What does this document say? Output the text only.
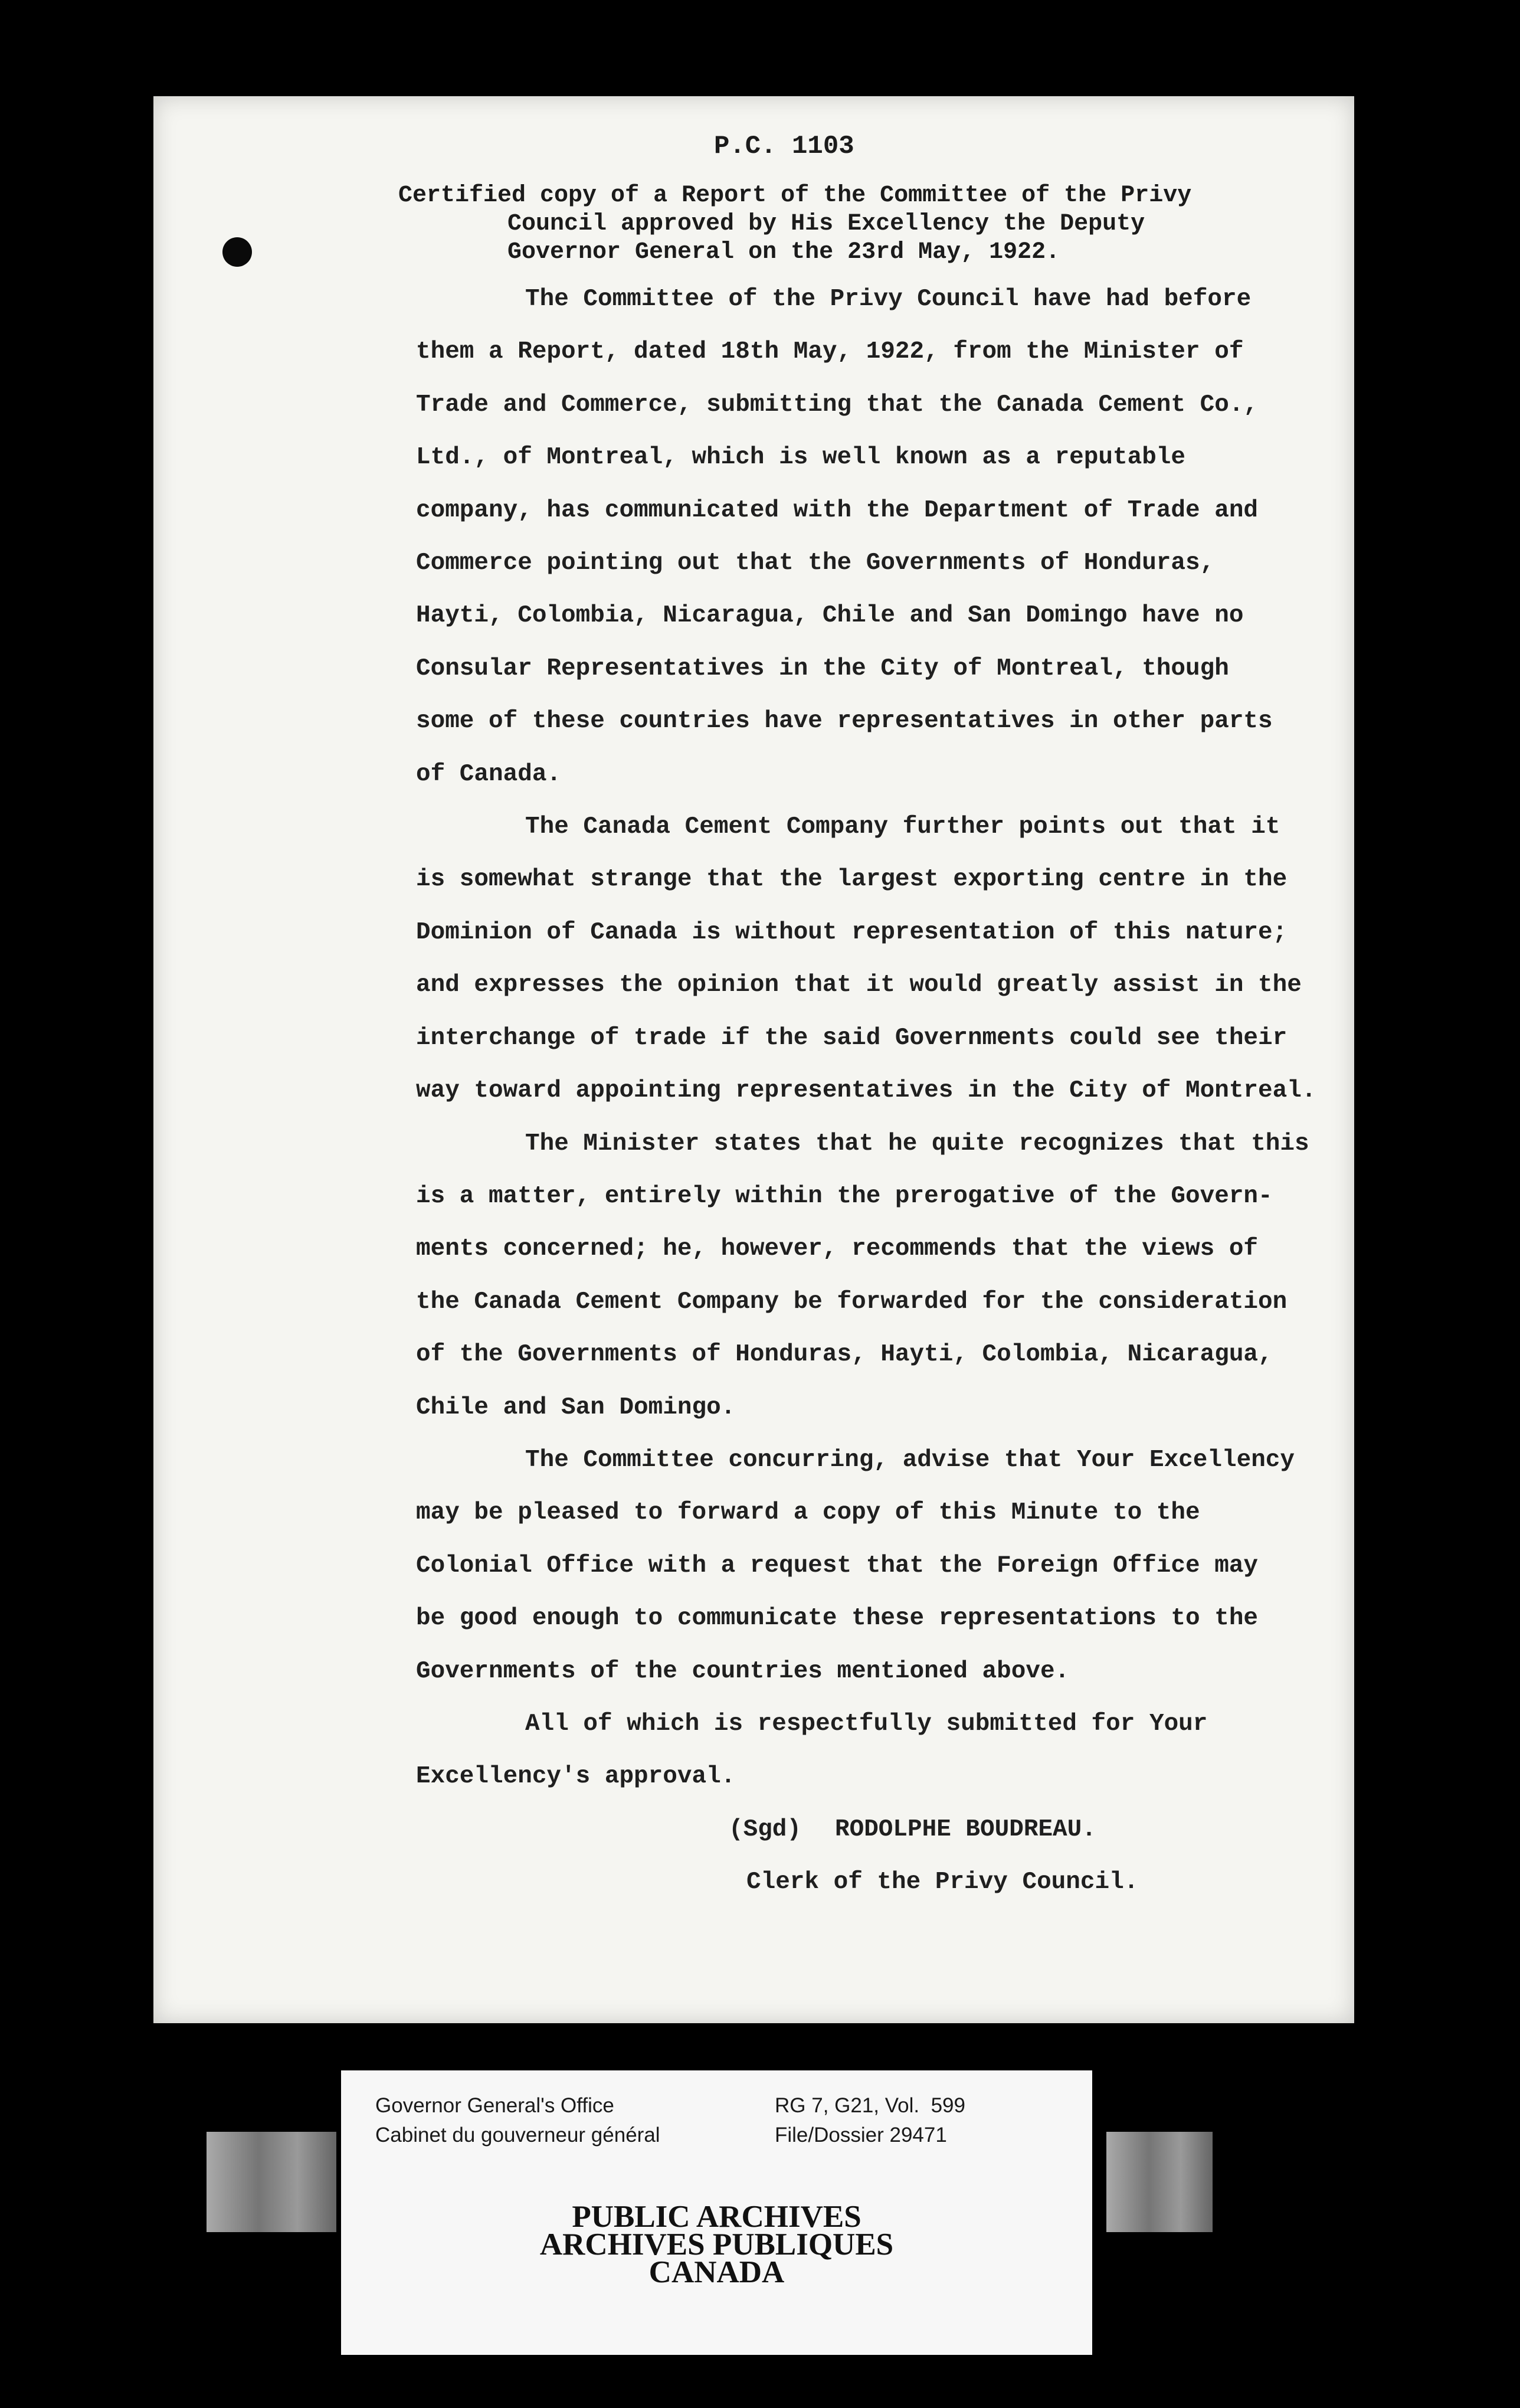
P.C. 1103
Certified copy of a Report of the Committee of the Privy
Council approved by His Excellency the Deputy
Governor General on the 23rd May, 1922.
The Committee of the Privy Council have had before
them a Report, dated 18th May, 1922, from the Minister of
Trade and Commerce, submitting that the Canada Cement Co.,
Ltd., of Montreal, which is well known as a reputable
company, has communicated with the Department of Trade and
Commerce pointing out that the Governments of Honduras,
Hayti, Colombia, Nicaragua, Chile and San Domingo have no
Consular Representatives in the City of Montreal, though
some of these countries have representatives in other parts
of Canada.
The Canada Cement Company further points out that it
is somewhat strange that the largest exporting centre in the
Dominion of Canada is without representation of this nature;
and expresses the opinion that it would greatly assist in the
interchange of trade if the said Governments could see their
way toward appointing representatives in the City of Montreal.
The Minister states that he quite recognizes that this
is a matter, entirely within the prerogative of the Govern-
ments concerned; he, however, recommends that the views of
the Canada Cement Company be forwarded for the consideration
of the Governments of Honduras, Hayti, Colombia, Nicaragua,
Chile and San Domingo.
The Committee concurring, advise that Your Excellency
may be pleased to forward a copy of this Minute to the
Colonial Office with a request that the Foreign Office may
be good enough to communicate these representations to the
Governments of the countries mentioned above.
All of which is respectfully submitted for Your
Excellency's approval.
(Sgd) RODOLPHE BOUDREAU.
Clerk of the Privy Council.
Governor General's Office
Cabinet du gouverneur général
RG 7, G21, Vol.  599
File/Dossier 29471
PUBLIC ARCHIVES
ARCHIVES PUBLIQUES
CANADA
